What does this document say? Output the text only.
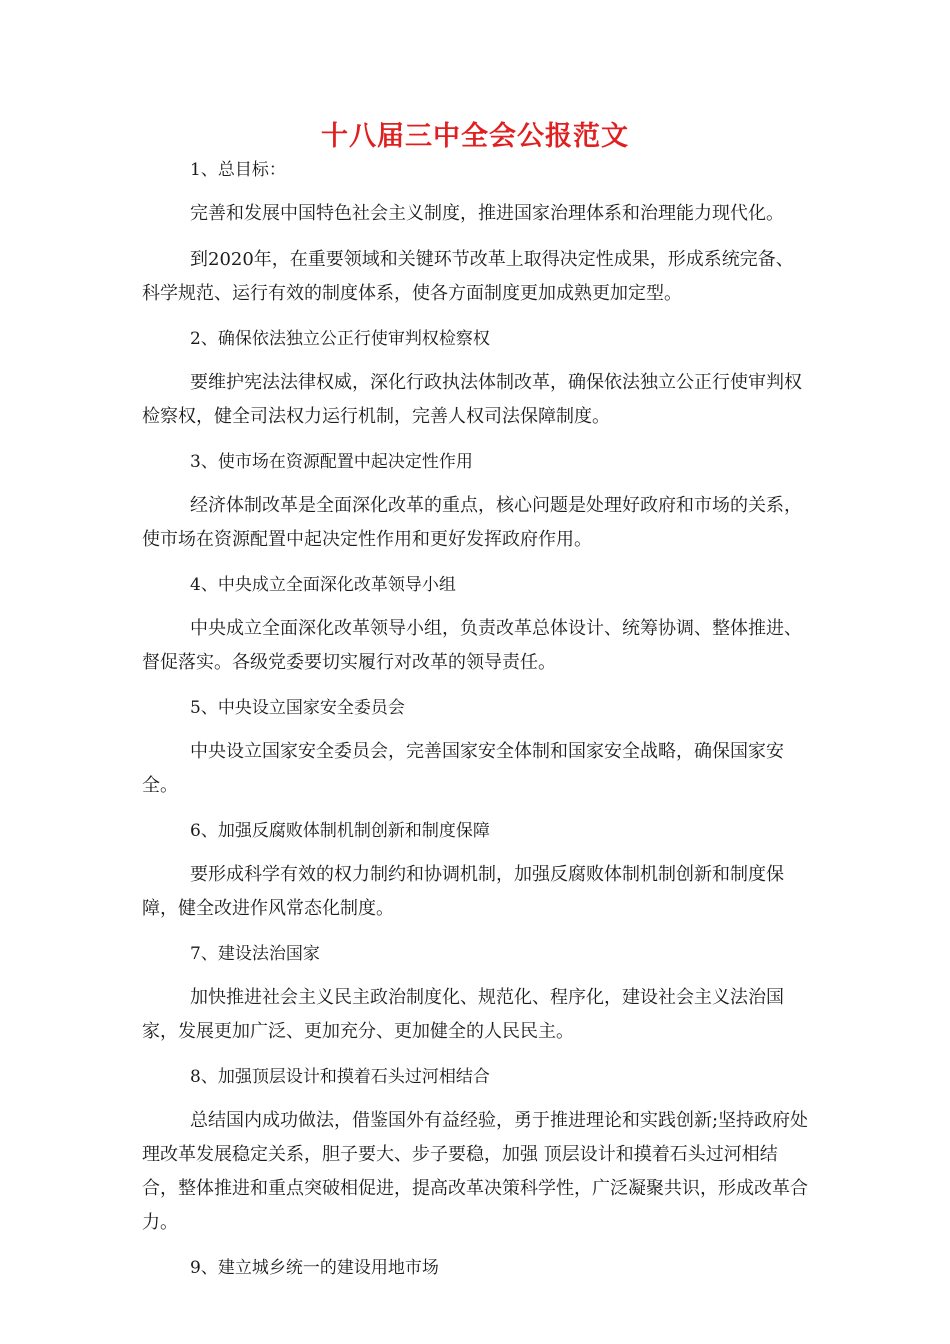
十八届三中全会公报范文
1、总目标：

完善和发展中国特色社会主义制度，推进国家治理体系和治理能力现代化。

到2020年，在重要领域和关键环节改革上取得决定性成果，形成系统完备、科学规范、运行有效的制度体系，使各方面制度更加成熟更加定型。

2、确保依法独立公正行使审判权检察权

要维护宪法法律权威，深化行政执法体制改革，确保依法独立公正行使审判权检察权，健全司法权力运行机制，完善人权司法保障制度。

3、使市场在资源配置中起决定性作用

经济体制改革是全面深化改革的重点，核心问题是处理好政府和市场的关系，使市场在资源配置中起决定性作用和更好发挥政府作用。

4、中央成立全面深化改革领导小组

中央成立全面深化改革领导小组，负责改革总体设计、统筹协调、整体推进、督促落实。各级党委要切实履行对改革的领导责任。

5、中央设立国家安全委员会

中央设立国家安全委员会，完善国家安全体制和国家安全战略，确保国家安全。

6、加强反腐败体制机制创新和制度保障

要形成科学有效的权力制约和协调机制，加强反腐败体制机制创新和制度保障，健全改进作风常态化制度。

7、建设法治国家

加快推进社会主义民主政治制度化、规范化、程序化，建设社会主义法治国家，发展更加广泛、更加充分、更加健全的人民民主。

8、加强顶层设计和摸着石头过河相结合

总结国内成功做法，借鉴国外有益经验，勇于推进理论和实践创新;坚持政府处理改革发展稳定关系，胆子要大、步子要稳，加强 顶层设计和摸着石头过河相结合，整体推进和重点突破相促进，提高改革决策科学性，广泛凝聚共识，形成改革合力。

9、建立城乡统一的建设用地市场
